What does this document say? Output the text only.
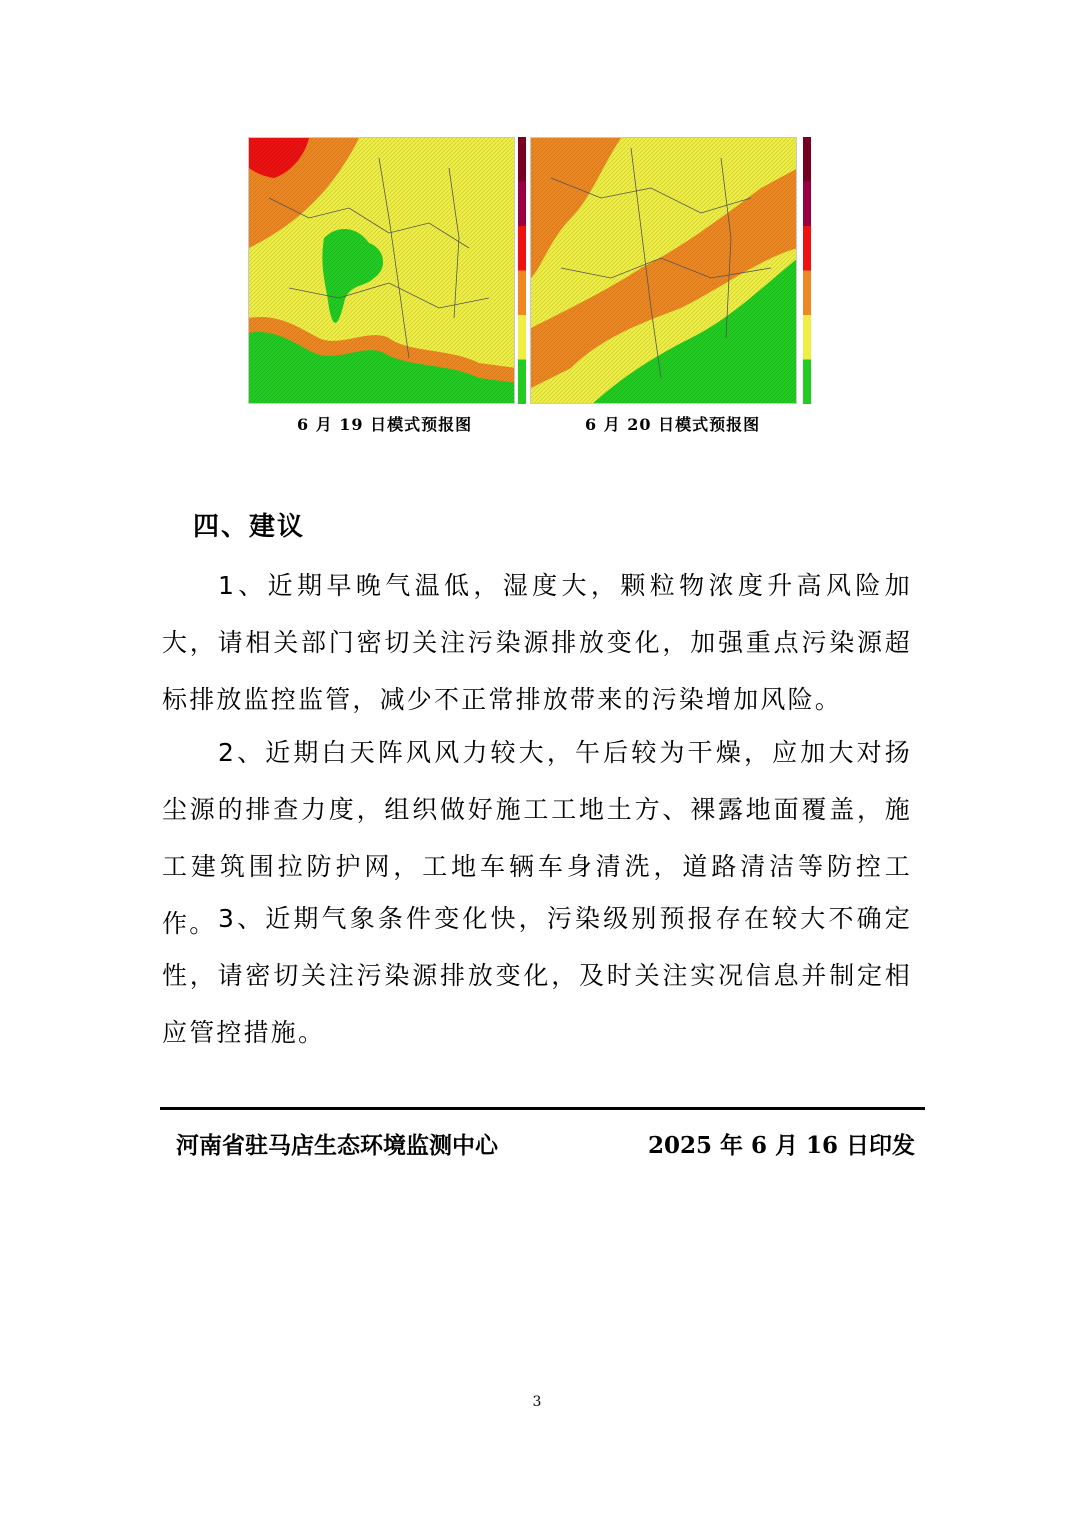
6 月 19 日模式预报图	6 月 20 日模式预报图
四、建议
1、近期早晚气温低，湿度大，颗粒物浓度升高风险加大，请相关部门密切关注污染源排放变化，加强重点污染源超标排放监控监管，减少不正常排放带来的污染增加风险。
2、近期白天阵风风力较大，午后较为干燥，应加大对扬尘源的排查力度，组织做好施工工地土方、裸露地面覆盖，施工建筑围拉防护网，工地车辆车身清洗，道路清洁等防控工作。 3、近期气象条件变化快，污染级别预报存在较大不确定性，请密切关注污染源排放变化，及时关注实况信息并制定相应管控措施。
河南省驻马店生态环境监测中心	2025 年 6 月 16 日印发
3
